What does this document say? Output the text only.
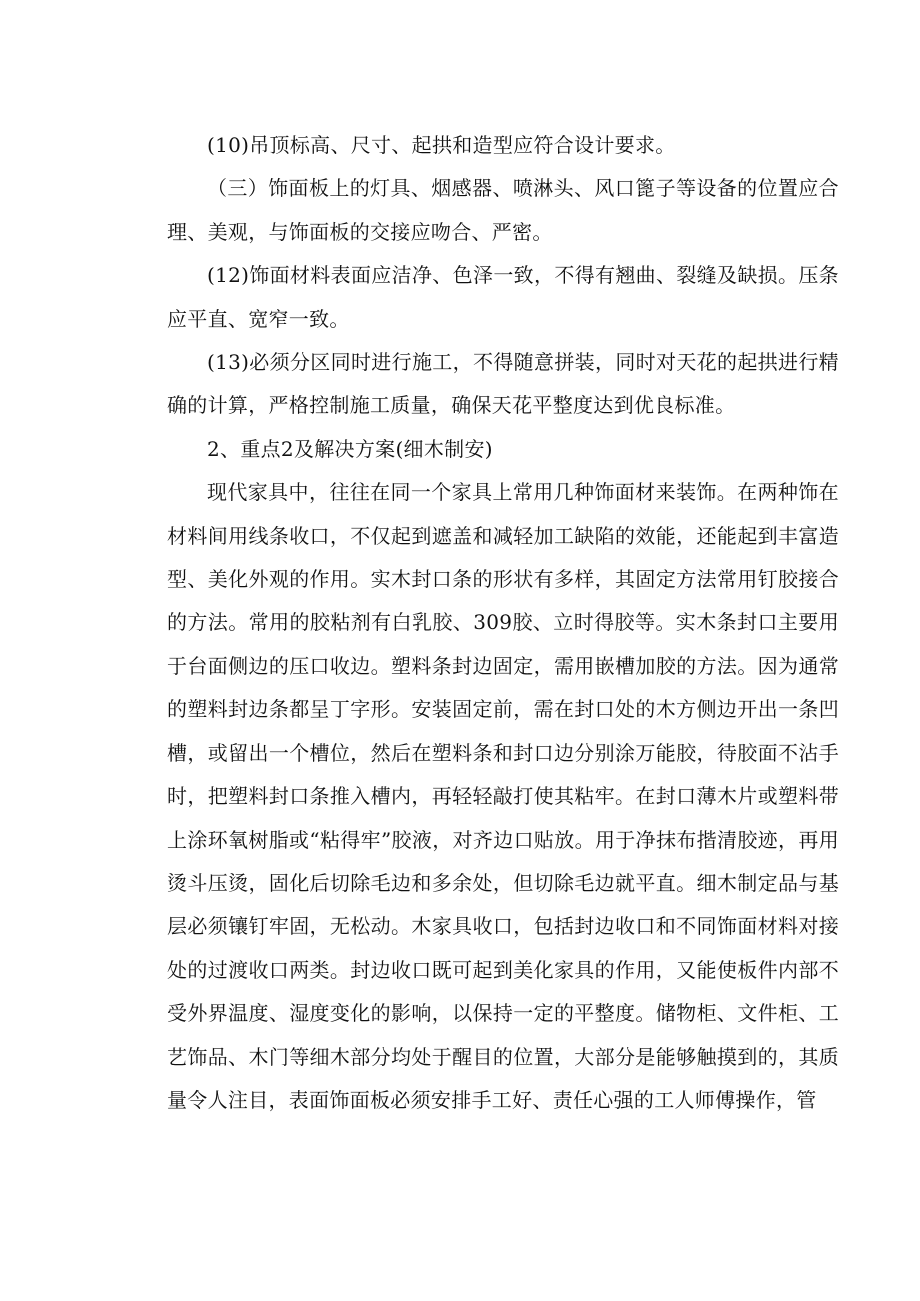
(10)吊顶标高、尺寸、起拱和造型应符合设计要求。

（三）饰面板上的灯具、烟感器、喷淋头、风口篦子等设备的位置应合理、美观，与饰面板的交接应吻合、严密。

(12)饰面材料表面应洁净、色泽一致，不得有翘曲、裂缝及缺损。压条应平直、宽窄一致。

(13)必须分区同时进行施工，不得随意拼装，同时对天花的起拱进行精确的计算，严格控制施工质量，确保天花平整度达到优良标准。

2、重点2及解决方案(细木制安)

现代家具中，往往在同一个家具上常用几种饰面材来装饰。在两种饰在材料间用线条收口，不仅起到遮盖和减轻加工缺陷的效能，还能起到丰富造型、美化外观的作用。实木封口条的形状有多样，其固定方法常用钉胶接合的方法。常用的胶粘剂有白乳胶、309胶、立时得胶等。实木条封口主要用于台面侧边的压口收边。塑料条封边固定，需用嵌槽加胶的方法。因为通常的塑料封边条都呈丁字形。安装固定前，需在封口处的木方侧边开出一条凹槽，或留出一个槽位，然后在塑料条和封口边分别涂万能胶，待胶面不沾手时，把塑料封口条推入槽内，再轻轻敲打使其粘牢。在封口薄木片或塑料带上涂环氧树脂或“粘得牢”胶液，对齐边口贴放。用于净抹布揩清胶迹，再用烫斗压烫，固化后切除毛边和多余处，但切除毛边就平直。细木制定品与基层必须镶钉牢固，无松动。木家具收口，包括封边收口和不同饰面材料对接处的过渡收口两类。封边收口既可起到美化家具的作用，又能使板件内部不受外界温度、湿度变化的影响，以保持一定的平整度。储物柜、文件柜、工艺饰品、木门等细木部分均处于醒目的位置，大部分是能够触摸到的，其质量令人注目，表面饰面板必须安排手工好、责任心强的工人师傅操作，管
